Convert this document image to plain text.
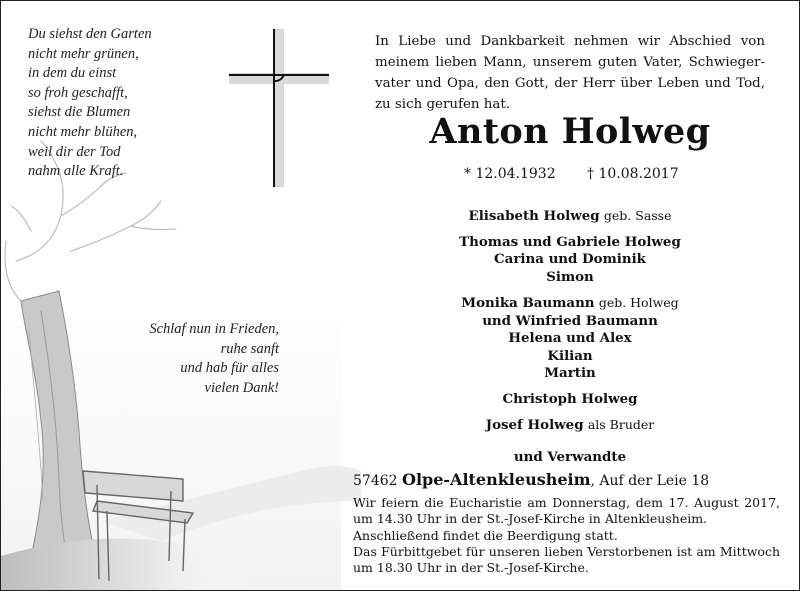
Du siehst den Garten
nicht mehr grünen,
in dem du einst
so froh geschafft,
siehst die Blumen
nicht mehr blühen,
weil dir der Tod
nahm alle Kraft.
Schlaf nun in Frieden,
ruhe sanft
und hab für alles
vielen Dank!
In Liebe und Dankbarkeit nehmen wir Abschied von meinem lieben Mann, unserem guten Vater, Schwiegervater und Opa, den Gott, der Herr über Leben und Tod, zu sich gerufen hat.
Anton Holweg
* 12.04.1932 † 10.08.2017
Elisabeth Holweg geb. Sasse
Thomas und Gabriele Holweg
Carina und Dominik
Simon
Monika Baumann geb. Holweg
und Winfried Baumann
Helena und Alex
Kilian
Martin
Christoph Holweg
Josef Holweg als Bruder
und Verwandte
57462 Olpe-Altenkleusheim, Auf der Leie 18

Wir feiern die Eucharistie am Donnerstag, dem 17. August 2017,

um 14.30 Uhr in der St.-Josef-Kirche in Altenkleusheim.

Anschließend findet die Beerdigung statt.

Das Fürbittgebet für unseren lieben Verstorbenen ist am Mittwoch

um 18.30 Uhr in der St.-Josef-Kirche.
